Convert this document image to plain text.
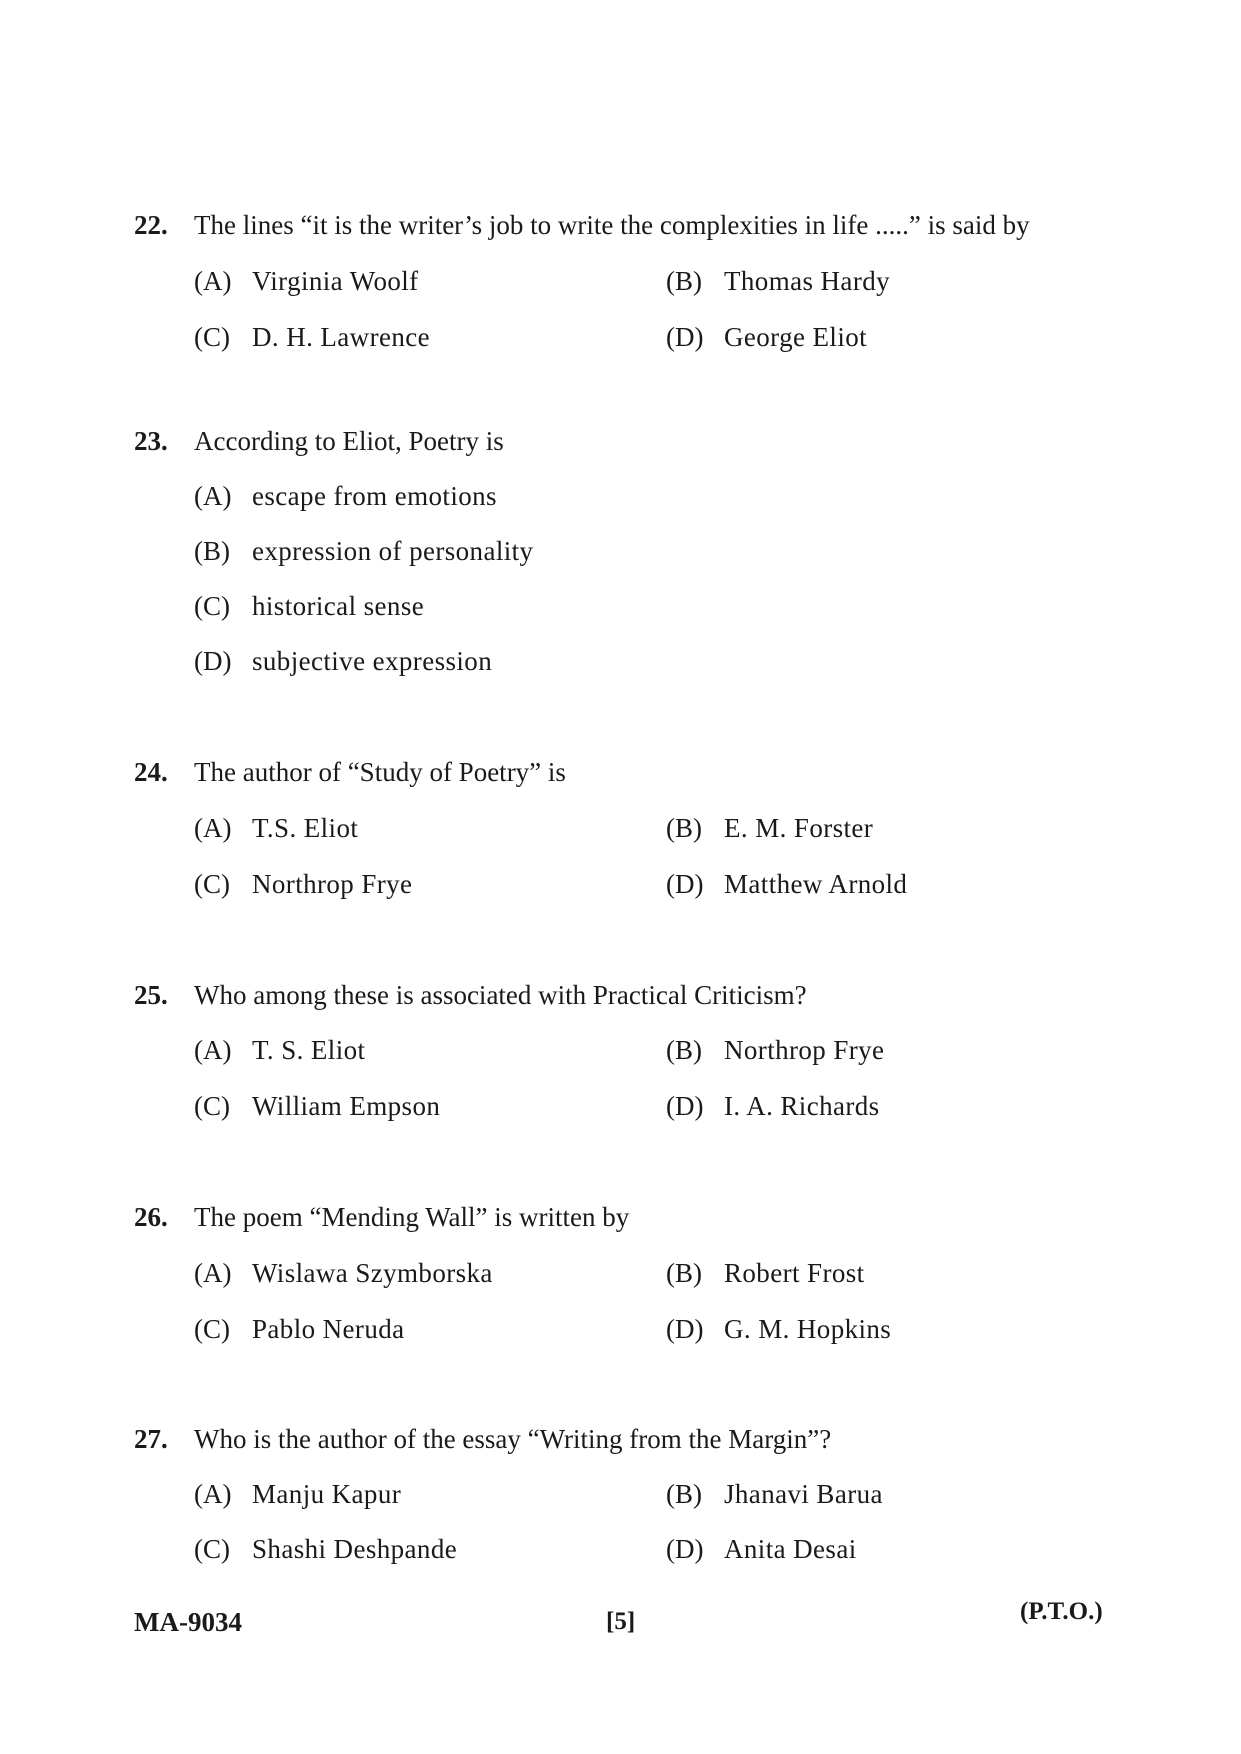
22. The lines “it is the writer’s job to write the complexities in life .....” is said by
(A) Virginia Woolf	(B) Thomas Hardy
(C) D. H. Lawrence	(D) George Eliot
23. According to Eliot, Poetry is
(A) escape from emotions
(B) expression of personality
(C) historical sense
(D) subjective expression
24. The author of “Study of Poetry” is
(A) T.S. Eliot	(B) E. M. Forster
(C) Northrop Frye	(D) Matthew Arnold
25. Who among these is associated with Practical Criticism?
(A) T. S. Eliot	(B) Northrop Frye
(C) William Empson	(D) I. A. Richards
26. The poem “Mending Wall” is written by
(A) Wislawa Szymborska	(B) Robert Frost
(C) Pablo Neruda	(D) G. M. Hopkins
27. Who is the author of the essay “Writing from the Margin”?
(A) Manju Kapur	(B) Jhanavi Barua
(C) Shashi Deshpande	(D) Anita Desai
MA-9034	[5]	(P.T.O.)
